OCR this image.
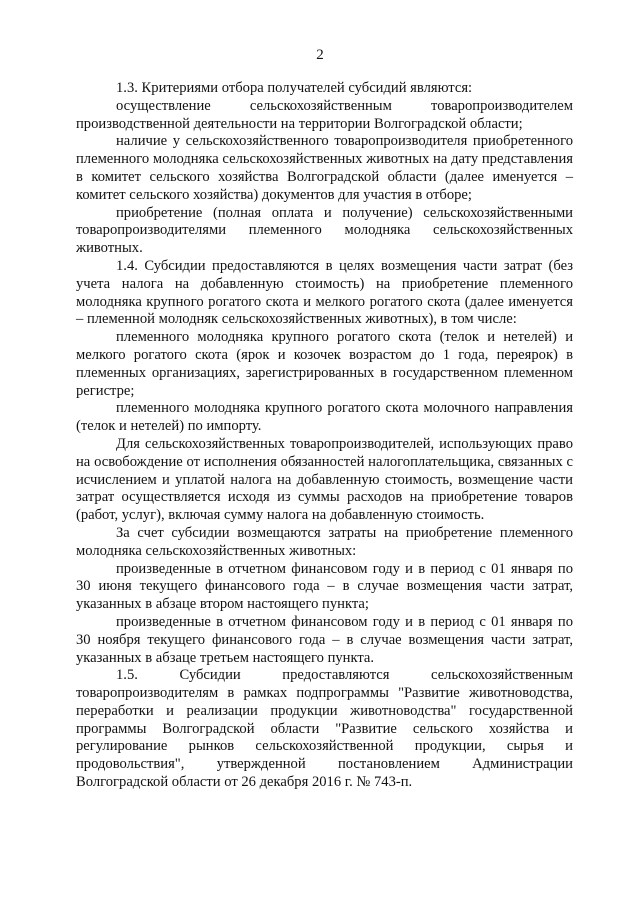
2

1.3. Критериями отбора получателей субсидий являются:

осуществление сельскохозяйственным товаропроизводителем производственной деятельности на территории Волгоградской области;

наличие у сельскохозяйственного товаропроизводителя приобретенного племенного молодняка сельскохозяйственных животных на дату представления в комитет сельского хозяйства Волгоградской области (далее именуется – комитет сельского хозяйства) документов для участия в отборе;

приобретение (полная оплата и получение) сельскохозяйственными товаропроизводителями племенного молодняка сельскохозяйственных животных.

1.4. Субсидии предоставляются в целях возмещения части затрат (без учета налога на добавленную стоимость) на приобретение племенного молодняка крупного рогатого скота и мелкого рогатого скота (далее именуется – племенной молодняк сельскохозяйственных животных), в том числе:

племенного молодняка крупного рогатого скота (телок и нетелей) и мелкого рогатого скота (ярок и козочек возрастом до 1 года, переярок) в племенных организациях, зарегистрированных в государственном племенном регистре;

племенного молодняка крупного рогатого скота молочного направления (телок и нетелей) по импорту.

Для сельскохозяйственных товаропроизводителей, использующих право на освобождение от исполнения обязанностей налогоплательщика, связанных с исчислением и уплатой налога на добавленную стоимость, возмещение части затрат осуществляется исходя из суммы расходов на приобретение товаров (работ, услуг), включая сумму налога на добавленную стоимость.

За счет субсидии возмещаются затраты на приобретение племенного молодняка сельскохозяйственных животных:

произведенные в отчетном финансовом году и в период с 01 января по 30 июня текущего финансового года – в случае возмещения части затрат, указанных в абзаце втором настоящего пункта;

произведенные в отчетном финансовом году и в период с 01 января по 30 ноября текущего финансового года – в случае возмещения части затрат, указанных в абзаце третьем настоящего пункта.

1.5. Субсидии предоставляются сельскохозяйственным товаропроизводителям в рамках подпрограммы "Развитие животноводства, переработки и реализации продукции животноводства" государственной программы Волгоградской области "Развитие сельского хозяйства и регулирование рынков сельскохозяйственной продукции, сырья и продовольствия", утвержденной постановлением Администрации Волгоградской области от 26 декабря 2016 г. № 743-п.
